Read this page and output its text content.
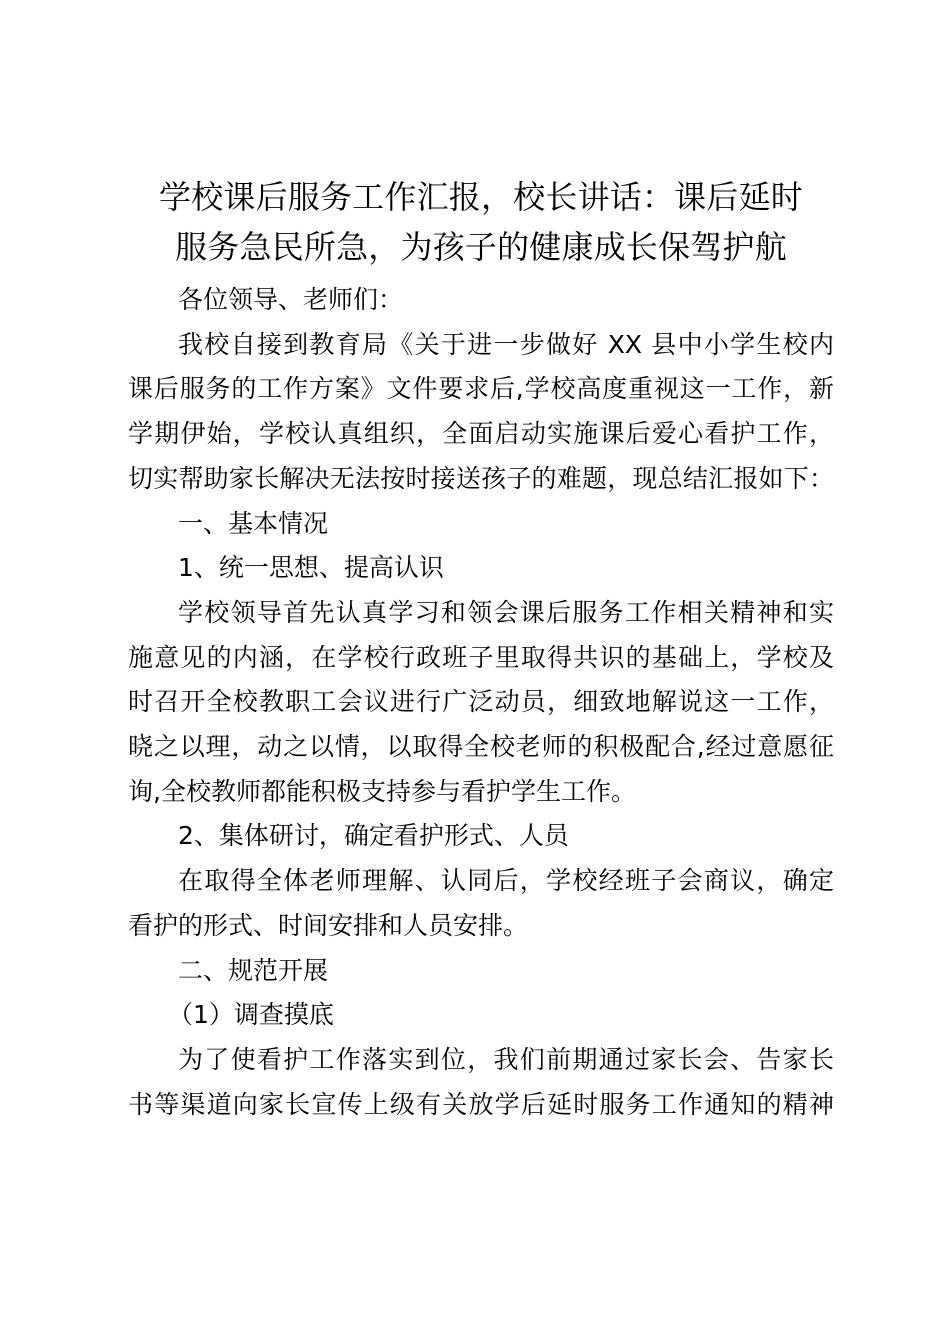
学校课后服务工作汇报，校长讲话：课后延时
服务急民所急，为孩子的健康成长保驾护航

各位领导、老师们：

我校自接到教育局《关于进一步做好 XX 县中小学生校内
课后服务的工作方案》文件要求后,学校高度重视这一工作，新
学期伊始，学校认真组织，全面启动实施课后爱心看护工作，
切实帮助家长解决无法按时接送孩子的难题，现总结汇报如下：

一、基本情况

1、统一思想、提高认识

学校领导首先认真学习和领会课后服务工作相关精神和实
施意见的内涵，在学校行政班子里取得共识的基础上，学校及
时召开全校教职工会议进行广泛动员，细致地解说这一工作，
晓之以理，动之以情，以取得全校老师的积极配合,经过意愿征
询,全校教师都能积极支持参与看护学生工作。

2、集体研讨，确定看护形式、人员

在取得全体老师理解、认同后，学校经班子会商议，确定
看护的形式、时间安排和人员安排。

二、规范开展

（1）调查摸底

为了使看护工作落实到位，我们前期通过家长会、告家长
书等渠道向家长宣传上级有关放学后延时服务工作通知的精神
